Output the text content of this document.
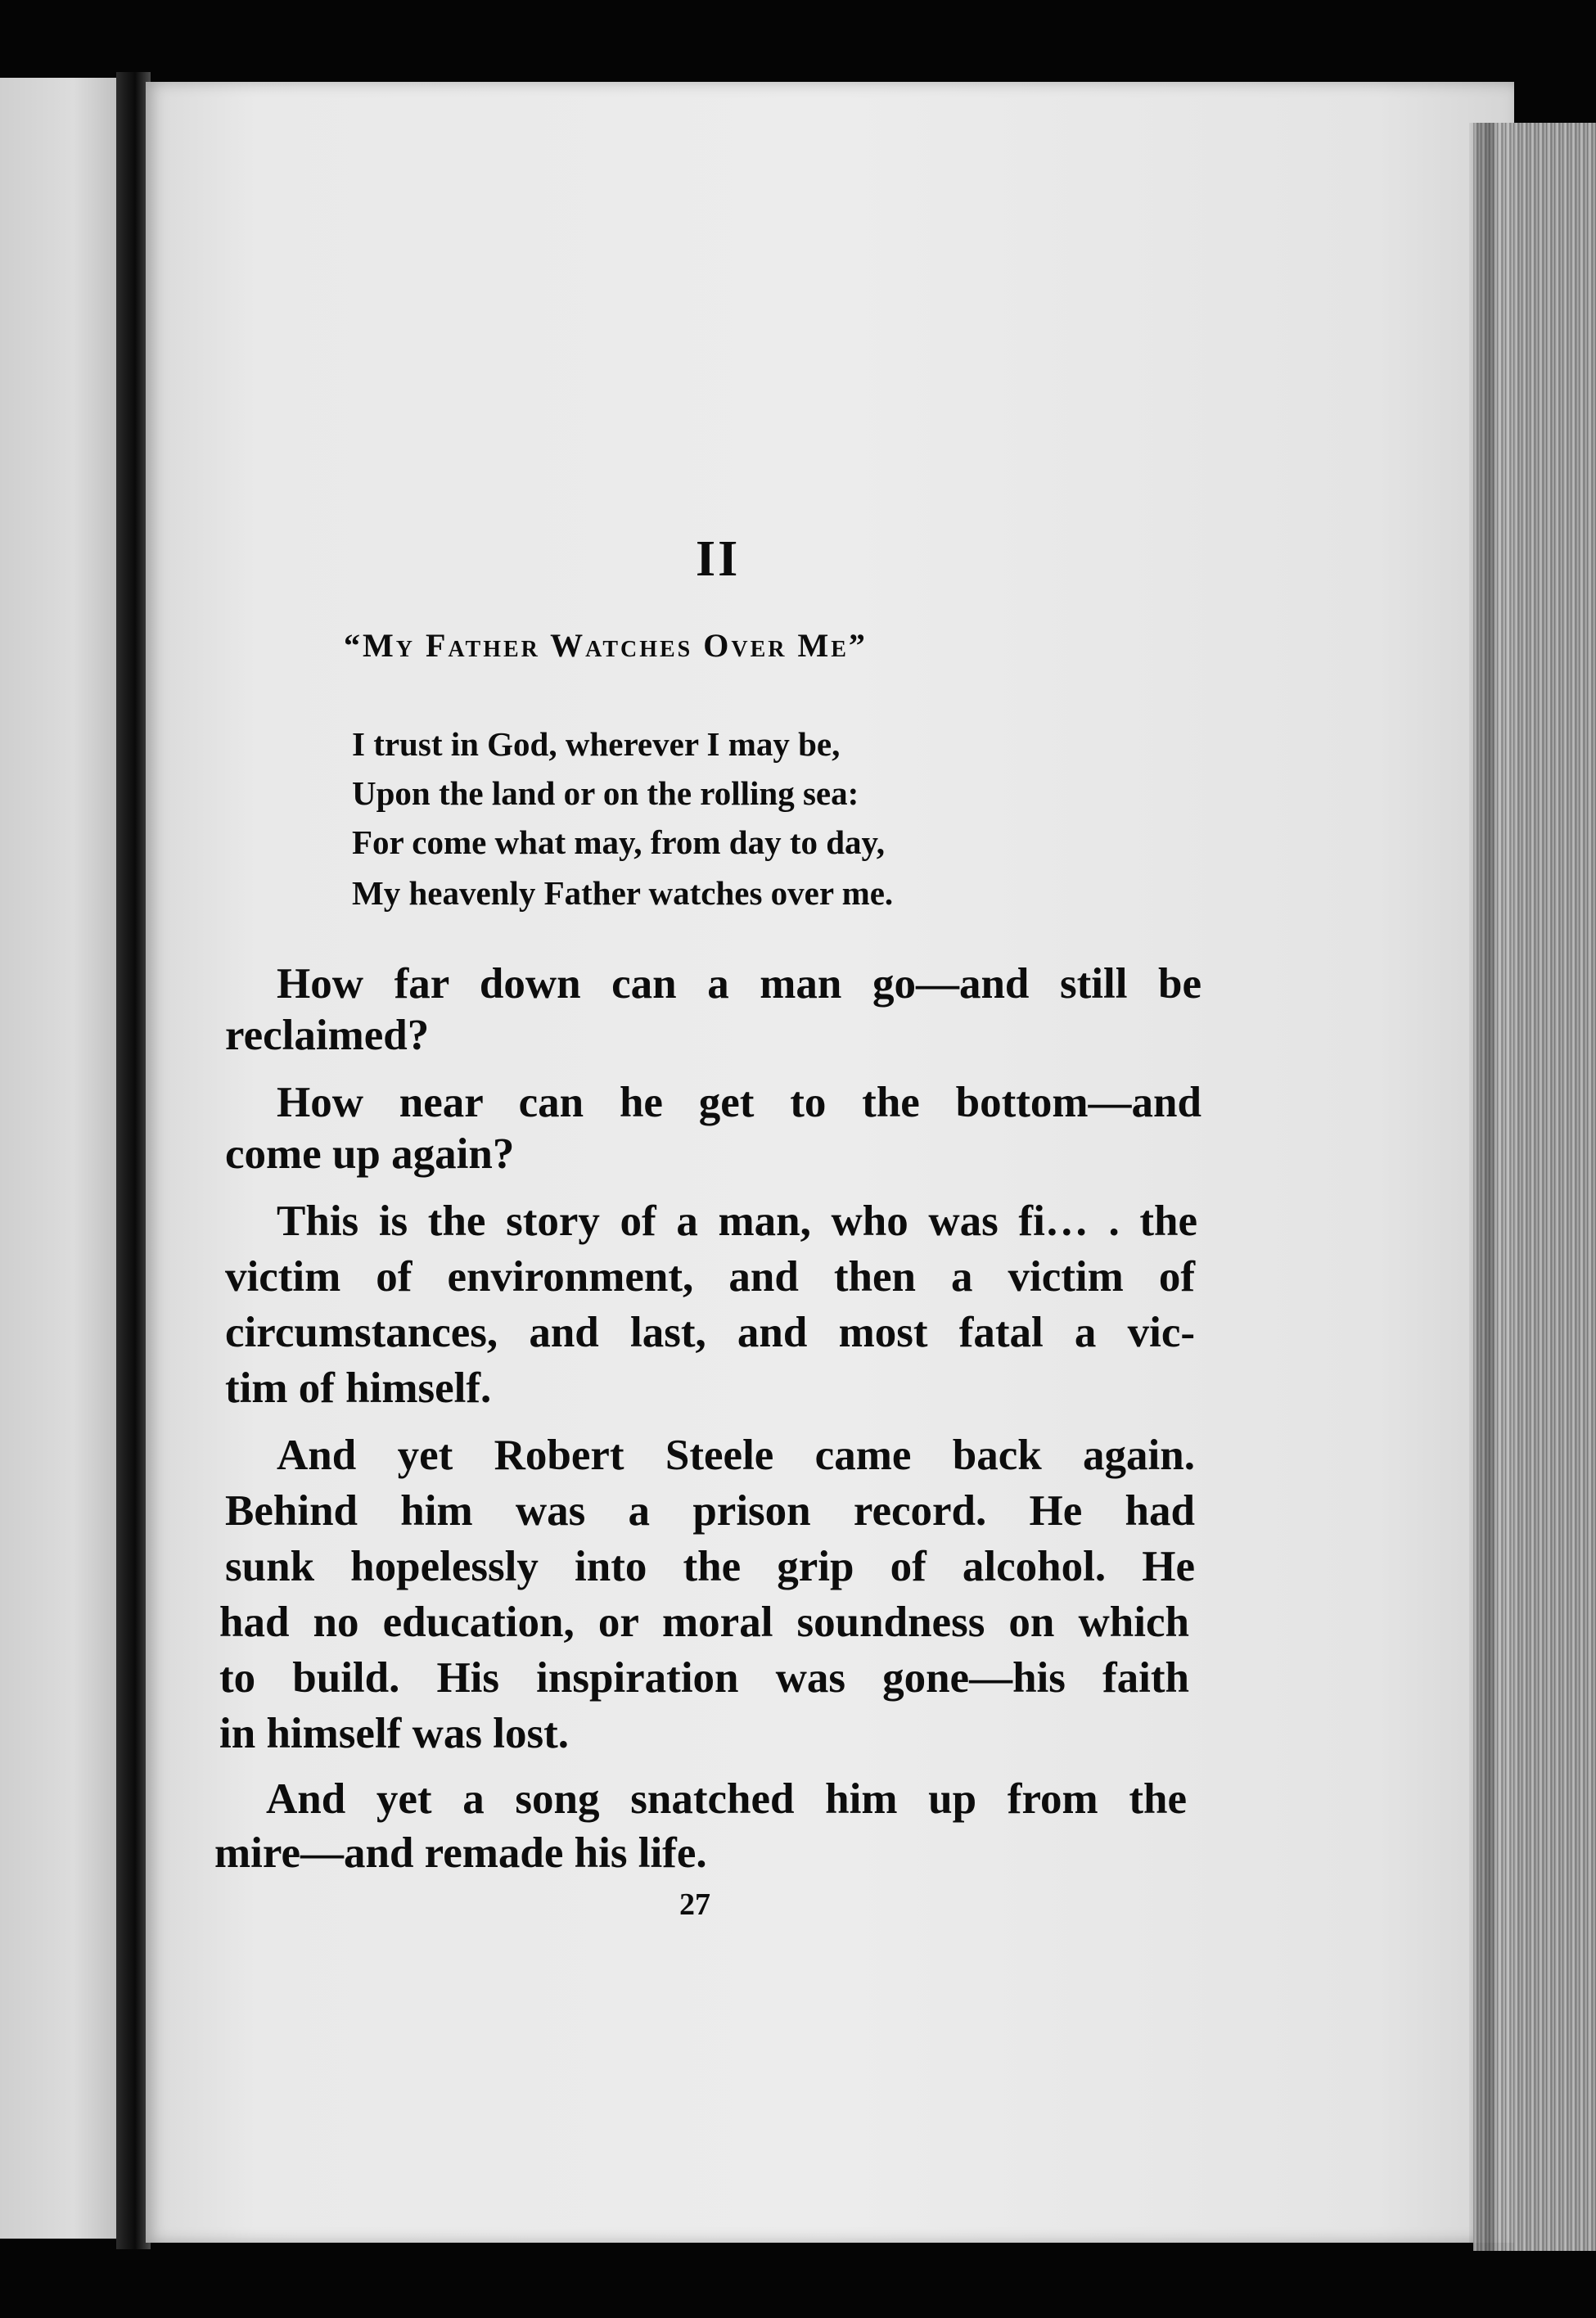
II
“My Father Watches Over Me”
I trust in God, wherever I may be,
Upon the land or on the rolling sea:
For come what may, from day to day,
My heavenly Father watches over me.
How far down can a man go—and still be
reclaimed?
How near can he get to the bottom—and
come up again?
This is the story of a man, who was fi… . the
victim of environment, and then a victim of
circumstances, and last, and most fatal a vic-
tim of himself.
And yet Robert Steele came back again.
Behind him was a prison record. He had
sunk hopelessly into the grip of alcohol. He
had no education, or moral soundness on which
to build. His inspiration was gone—his faith
in himself was lost.
And yet a song snatched him up from the
mire—and remade his life.
27
